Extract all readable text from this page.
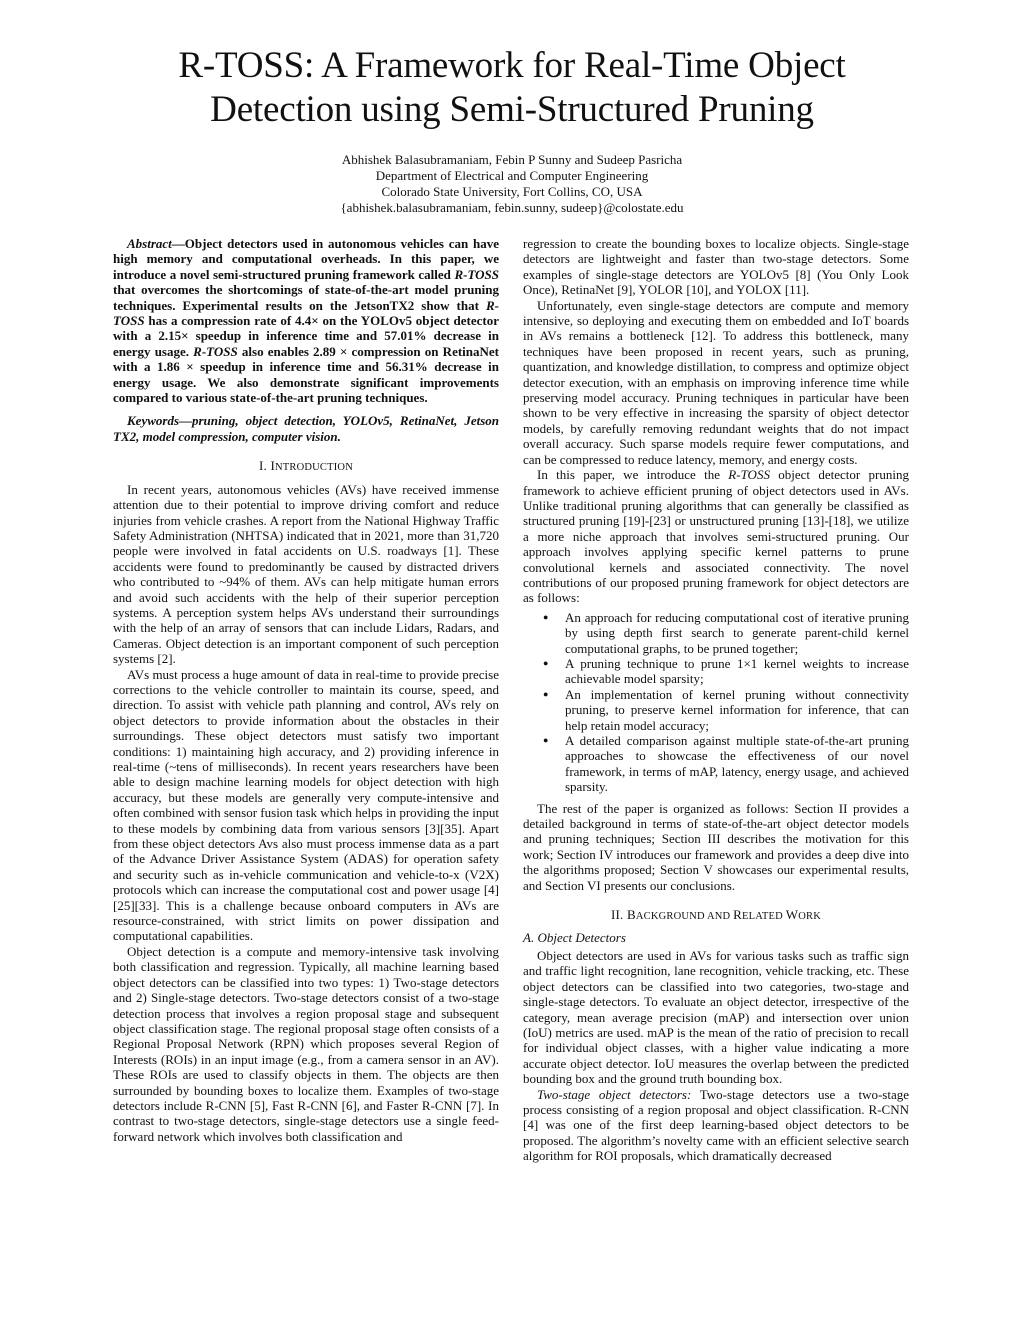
R-TOSS: A Framework for Real-Time Object
Detection using Semi-Structured Pruning
Abhishek Balasubramaniam, Febin P Sunny and Sudeep Pasricha
Department of Electrical and Computer Engineering
Colorado State University, Fort Collins, CO, USA
{abhishek.balasubramaniam, febin.sunny, sudeep}@colostate.edu

Abstract—Object detectors used in autonomous vehicles can have high memory and computational overheads. In this paper, we introduce a novel semi-structured pruning framework called R-TOSS that overcomes the shortcomings of state-of-the-art model pruning techniques. Experimental results on the JetsonTX2 show that R-TOSS has a compression rate of 4.4× on the YOLOv5 object detector with a 2.15× speedup in inference time and 57.01% decrease in energy usage. R-TOSS also enables 2.89 × compression on RetinaNet with a 1.86 × speedup in inference time and 56.31% decrease in energy usage. We also demonstrate significant improvements compared to various state-of-the-art pruning techniques.

Keywords—pruning, object detection, YOLOv5, RetinaNet, Jetson TX2, model compression, computer vision.

I. INTRODUCTION

In recent years, autonomous vehicles (AVs) have received immense attention due to their potential to improve driving comfort and reduce injuries from vehicle crashes. A report from the National Highway Traffic Safety Administration (NHTSA) indicated that in 2021, more than 31,720 people were involved in fatal accidents on U.S. roadways [1]. These accidents were found to predominantly be caused by distracted drivers who contributed to ~94% of them. AVs can help mitigate human errors and avoid such accidents with the help of their superior perception systems. A perception system helps AVs understand their surroundings with the help of an array of sensors that can include Lidars, Radars, and Cameras. Object detection is an important component of such perception systems [2].

AVs must process a huge amount of data in real-time to provide precise corrections to the vehicle controller to maintain its course, speed, and direction. To assist with vehicle path planning and control, AVs rely on object detectors to provide information about the obstacles in their surroundings. These object detectors must satisfy two important conditions: 1) maintaining high accuracy, and 2) providing inference in real-time (~tens of milliseconds). In recent years researchers have been able to design machine learning models for object detection with high accuracy, but these models are generally very compute-intensive and often combined with sensor fusion task which helps in providing the input to these models by combining data from various sensors [3][35]. Apart from these object detectors Avs also must process immense data as a part of the Advance Driver Assistance System (ADAS) for operation safety and security such as in-vehicle communication and vehicle-to-x (V2X) protocols which can increase the computational cost and power usage [4][25][33]. This is a challenge because onboard computers in AVs are resource-constrained, with strict limits on power dissipation and computational capabilities.

Object detection is a compute and memory-intensive task involving both classification and regression. Typically, all machine learning based object detectors can be classified into two types: 1) Two-stage detectors and 2) Single-stage detectors. Two-stage detectors consist of a two-stage detection process that involves a region proposal stage and subsequent object classification stage. The regional proposal stage often consists of a Regional Proposal Network (RPN) which proposes several Region of Interests (ROIs) in an input image (e.g., from a camera sensor in an AV). These ROIs are used to classify objects in them. The objects are then surrounded by bounding boxes to localize them. Examples of two-stage detectors include R-CNN [5], Fast R-CNN [6], and Faster R-CNN [7]. In contrast to two-stage detectors, single-stage detectors use a single feed-forward network which involves both classification and

regression to create the bounding boxes to localize objects. Single-stage detectors are lightweight and faster than two-stage detectors. Some examples of single-stage detectors are YOLOv5 [8] (You Only Look Once), RetinaNet [9], YOLOR [10], and YOLOX [11].

Unfortunately, even single-stage detectors are compute and memory intensive, so deploying and executing them on embedded and IoT boards in AVs remains a bottleneck [12]. To address this bottleneck, many techniques have been proposed in recent years, such as pruning, quantization, and knowledge distillation, to compress and optimize object detector execution, with an emphasis on improving inference time while preserving model accuracy. Pruning techniques in particular have been shown to be very effective in increasing the sparsity of object detector models, by carefully removing redundant weights that do not impact overall accuracy. Such sparse models require fewer computations, and can be compressed to reduce latency, memory, and energy costs.

In this paper, we introduce the R-TOSS object detector pruning framework to achieve efficient pruning of object detectors used in AVs. Unlike traditional pruning algorithms that can generally be classified as structured pruning [19]-[23] or unstructured pruning [13]-[18], we utilize a more niche approach that involves semi-structured pruning. Our approach involves applying specific kernel patterns to prune convolutional kernels and associated connectivity. The novel contributions of our proposed pruning framework for object detectors are as follows:

● An approach for reducing computational cost of iterative pruning by using depth first search to generate parent-child kernel computational graphs, to be pruned together;
● A pruning technique to prune 1×1 kernel weights to increase achievable model sparsity;
● An implementation of kernel pruning without connectivity pruning, to preserve kernel information for inference, that can help retain model accuracy;
● A detailed comparison against multiple state-of-the-art pruning approaches to showcase the effectiveness of our novel framework, in terms of mAP, latency, energy usage, and achieved sparsity.

The rest of the paper is organized as follows: Section II provides a detailed background in terms of state-of-the-art object detector models and pruning techniques; Section III describes the motivation for this work; Section IV introduces our framework and provides a deep dive into the algorithms proposed; Section V showcases our experimental results, and Section VI presents our conclusions.

II. BACKGROUND AND RELATED WORK

A. Object Detectors

Object detectors are used in AVs for various tasks such as traffic sign and traffic light recognition, lane recognition, vehicle tracking, etc. These object detectors can be classified into two categories, two-stage and single-stage detectors. To evaluate an object detector, irrespective of the category, mean average precision (mAP) and intersection over union (IoU) metrics are used. mAP is the mean of the ratio of precision to recall for individual object classes, with a higher value indicating a more accurate object detector. IoU measures the overlap between the predicted bounding box and the ground truth bounding box.

Two-stage object detectors: Two-stage detectors use a two-stage process consisting of a region proposal and object classification. R-CNN [4] was one of the first deep learning-based object detectors to be proposed. The algorithm’s novelty came with an efficient selective search algorithm for ROI proposals, which dramatically decreased
